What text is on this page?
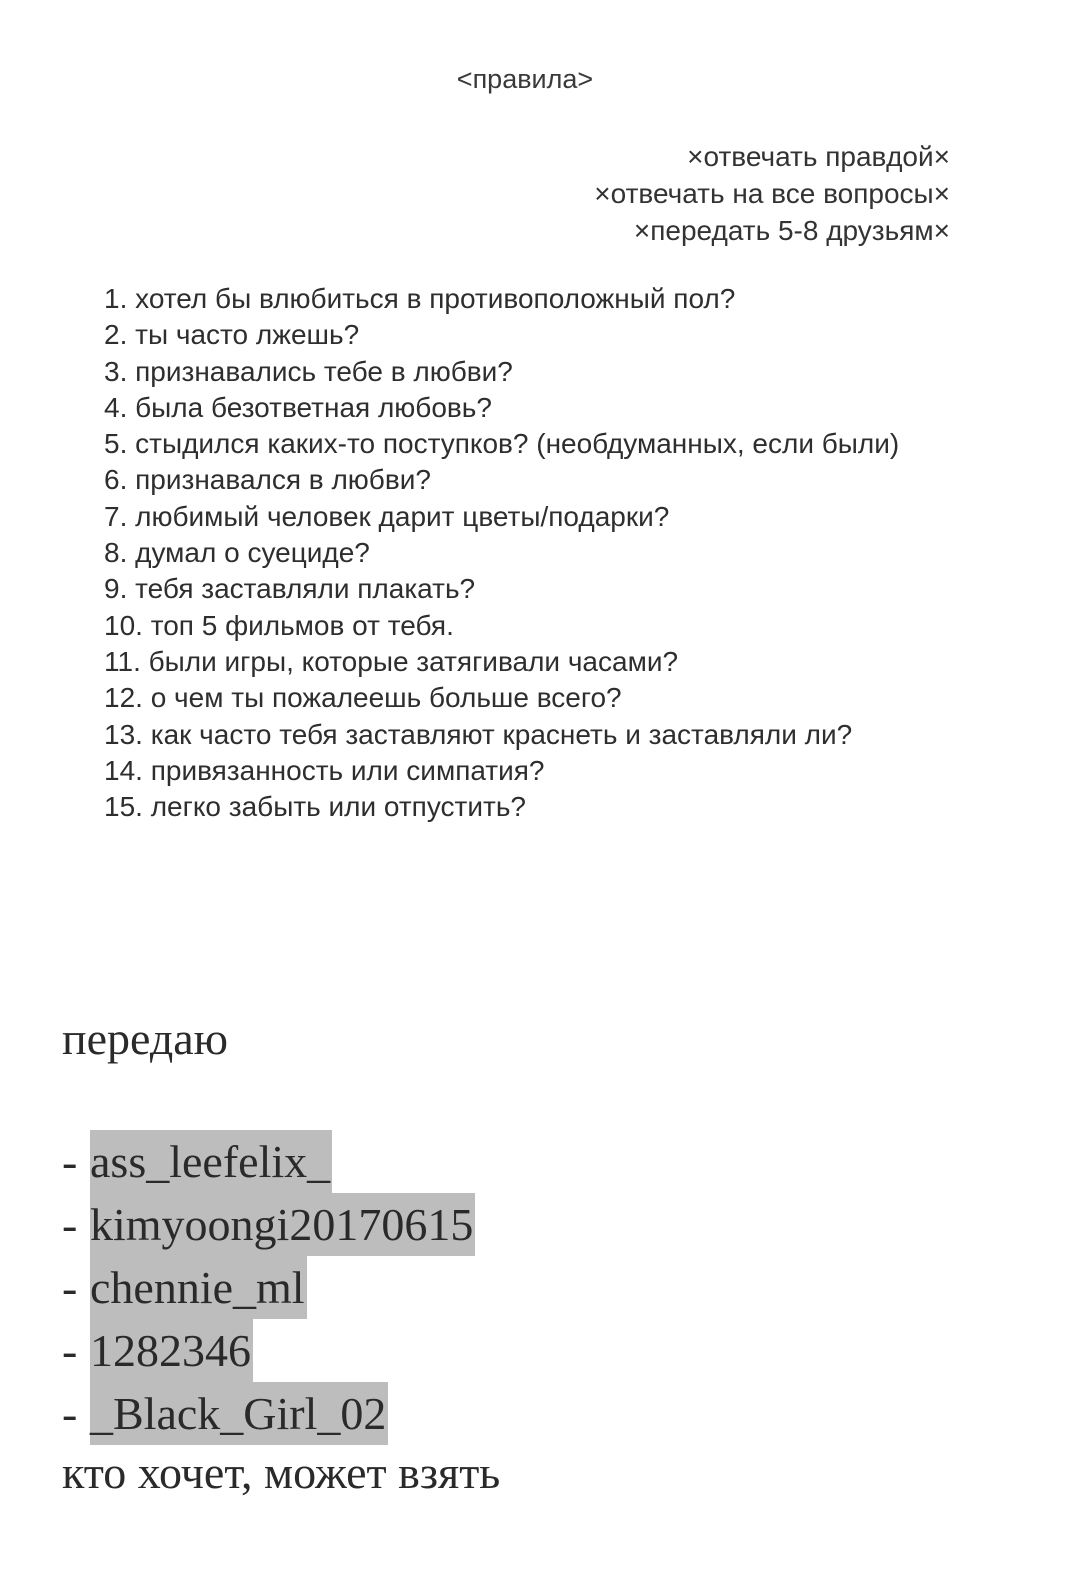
<правила>
×отвечать правдой×
×отвечать на все вопросы×
×передать 5-8 друзьям×
1. хотел бы влюбиться в противоположный пол?
2. ты часто лжешь?
3. признавались тебе в любви?
4. была безответная любовь?
5. стыдился каких-то поступков? (необдуманных, если были)
6. признавался в любви?
7. любимый человек дарит цветы/подарки?
8. думал о суециде?
9. тебя заставляли плакать?
10. топ 5 фильмов от тебя.
11. были игры, которые затягивали часами?
12. о чем ты пожалеешь больше всего?
13. как часто тебя заставляют краснеть и заставляли ли?
14. привязанность или симпатия?
15. легко забыть или отпустить?
передаю
- ass_leefelix_
- kimyoongi20170615
- chennie_ml
- 1282346
- _Black_Girl_02
кто хочет, может взять
